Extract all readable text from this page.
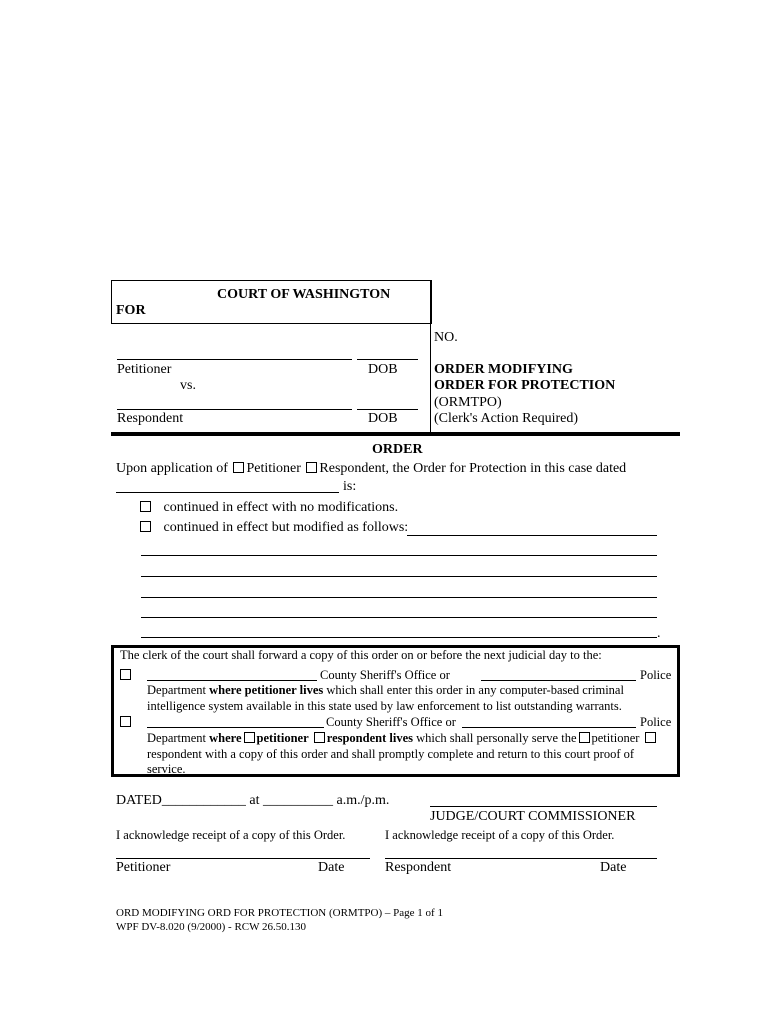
COURT OF WASHINGTON
FOR
NO.
Petitioner	DOB
vs.
Respondent	DOB
ORDER MODIFYING
ORDER FOR PROTECTION
(ORMTPO)
(Clerk's Action Required)
ORDER
Upon application of Petitioner Respondent, the Order for Protection in this case dated
is:
continued in effect with no modifications.
continued in effect but modified as follows:
.
The clerk of the court shall forward a copy of this order on or before the next judicial day to the:
County Sheriff's Office or	Police
Department where petitioner lives which shall enter this order in any computer-based criminal
intelligence system available in this state used by law enforcement to list outstanding warrants.
County Sheriff's Office or	Police
Department where petitioner respondent lives which shall personally serve the petitioner
respondent with a copy of this order and shall promptly complete and return to this court proof of
service.
DATED____________ at __________ a.m./p.m.
JUDGE/COURT COMMISSIONER
I acknowledge receipt of a copy of this Order.	I acknowledge receipt of a copy of this Order.
Petitioner	Date	Respondent	Date
ORD MODIFYING ORD FOR PROTECTION (ORMTPO) – Page 1 of 1
WPF DV-8.020 (9/2000) - RCW 26.50.130
